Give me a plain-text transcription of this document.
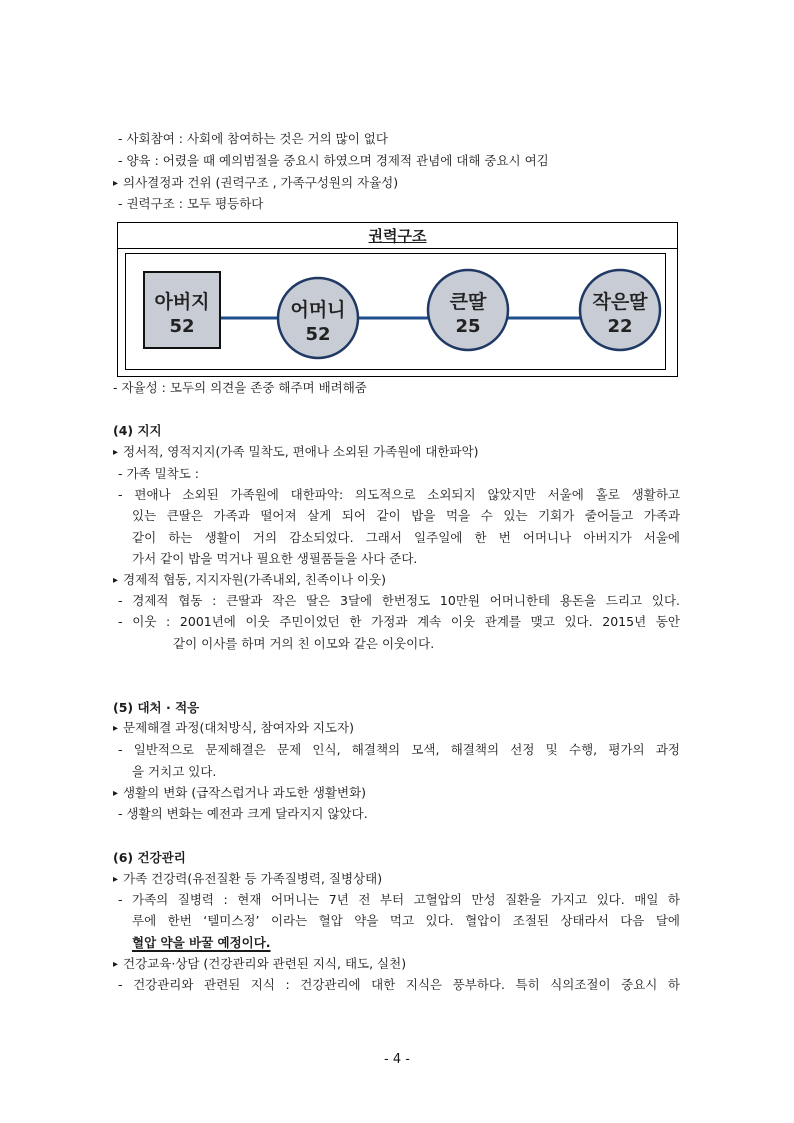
- 사회참여 : 사회에 참여하는 것은 거의 많이 없다
- 양육 : 어렸을 때 예의범절을 중요시 하였으며 경제적 관념에 대해 중요시 여김
▸ 의사결정과 건위 (권력구조 , 가족구성원의 자율성)
- 권력구조 : 모두 평등하다
- 자율성 : 모두의 의견을 존중 해주며 배려해줌
(4) 지지
▸ 정서적, 영적지지(가족 밀착도, 편애나 소외된 가족원에 대한파악)
- 가족 밀착도 :
- 편애나 소외된 가족원에 대한파악: 의도적으로 소외되지 않았지만 서울에 홀로 생활하고
있는 큰딸은 가족과 떨어져 살게 되어 같이 밥을 먹을 수 있는 기회가 줄어들고 가족과
같이 하는 생활이 거의 감소되었다. 그래서 일주일에 한 번 어머니나 아버지가 서울에
가서 같이 밥을 먹거나 필요한 생필품들을 사다 준다.
▸ 경제적 협동, 지지자원(가족내외, 친족이나 이웃)
- 경제적 협동 : 큰딸과 작은 딸은 3달에 한번정도 10만원 어머니한테 용돈을 드리고 있다.
- 이웃 : 2001년에 이웃 주민이었던 한 가정과 계속 이웃 관계를 맺고 있다. 2015년 동안
같이 이사를 하며 거의 친 이모와 같은 이웃이다.
(5) 대처 · 적응
▸ 문제해결 과정(대처방식, 참여자와 지도자)
- 일반적으로 문제해결은 문제 인식, 해결책의 모색, 해결책의 선정 및 수행, 평가의 과정
을 거치고 있다.
▸ 생활의 변화 (급작스럽거나 과도한 생활변화)
- 생활의 변화는 예전과 크게 달라지지 않았다.
(6) 건강관리
▸ 가족 건강력(유전질환 등 가족질병력, 질병상태)
- 가족의 질병력 : 현재 어머니는 7년 전 부터 고혈압의 만성 질환을 가지고 있다. 매일 하
루에 한번 ‘텔미스정’ 이라는 혈압 약을 먹고 있다. 혈압이 조절된 상태라서 다음 달에
혈압 약을 바꿀 예정이다.
▸ 건강교육·상담 (건강관리와 관련된 지식, 태도, 실천)
- 건강관리와 관련된 지식 : 건강관리에 대한 지식은 풍부하다. 특히 식의조절이 중요시 하
권력구조
아버지
52
어머니
52
큰딸
25
작은딸
22
- 4 -
